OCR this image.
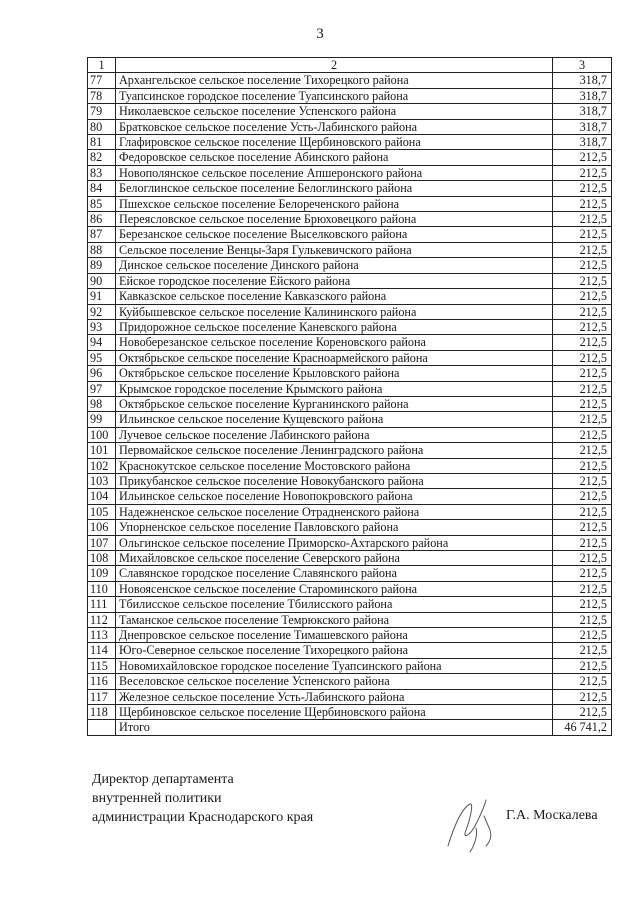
3
1	2	3
77	Архангельское сельское поселение Тихорецкого района	318,7
78	Туапсинское городское поселение Туапсинского района	318,7
79	Николаевское сельское поселение Успенского района	318,7
80	Братковское сельское поселение Усть-Лабинского района	318,7
81	Глафировское сельское поселение Щербиновского района	318,7
82	Федоровское сельское поселение Абинского района	212,5
83	Новополянское сельское поселение Апшеронского района	212,5
84	Белоглинское сельское поселение Белоглинского района	212,5
85	Пшехское сельское поселение Белореченского района	212,5
86	Переясловское сельское поселение Брюховецкого района	212,5
87	Березанское сельское поселение Выселковского района	212,5
88	Сельское поселение Венцы-Заря Гулькевичского района	212,5
89	Динское сельское поселение Динского района	212,5
90	Ейское городское поселение Ейского района	212,5
91	Кавказское сельское поселение Кавказского района	212,5
92	Куйбышевское сельское поселение Калининского района	212,5
93	Придорожное сельское поселение Каневского района	212,5
94	Новоберезанское сельское поселение Кореновского района	212,5
95	Октябрьское сельское поселение Красноармейского района	212,5
96	Октябрьское сельское поселение Крыловского района	212,5
97	Крымское городское поселение Крымского района	212,5
98	Октябрьское сельское поселение Курганинского района	212,5
99	Ильинское сельское поселение Кущевского района	212,5
100	Лучевое сельское поселение Лабинского района	212,5
101	Первомайское сельское поселение Ленинградского района	212,5
102	Краснокутское сельское поселение Мостовского района	212,5
103	Прикубанское сельское поселение Новокубанского района	212,5
104	Ильинское сельское поселение Новопокровского района	212,5
105	Надежненское сельское поселение Отрадненского района	212,5
106	Упорненское сельское поселение Павловского района	212,5
107	Ольгинское сельское поселение Приморско-Ахтарского района	212,5
108	Михайловское сельское поселение Северского района	212,5
109	Славянское городское поселение Славянского района	212,5
110	Новоясенское сельское поселение Староминского района	212,5
111	Тбилисское сельское поселение Тбилисского района	212,5
112	Таманское сельское поселение Темрюкского района	212,5
113	Днепровское сельское поселение Тимашевского района	212,5
114	Юго-Северное сельское поселение Тихорецкого района	212,5
115	Новомихайловское городское поселение Туапсинского района	212,5
116	Веселовское сельское поселение Успенского района	212,5
117	Железное сельское поселение Усть-Лабинского района	212,5
118	Щербиновское сельское поселение Щербиновского района	212,5
	Итого	46 741,2
Директор департамента
внутренней политики
администрации Краснодарского края	Г.А. Москалева
